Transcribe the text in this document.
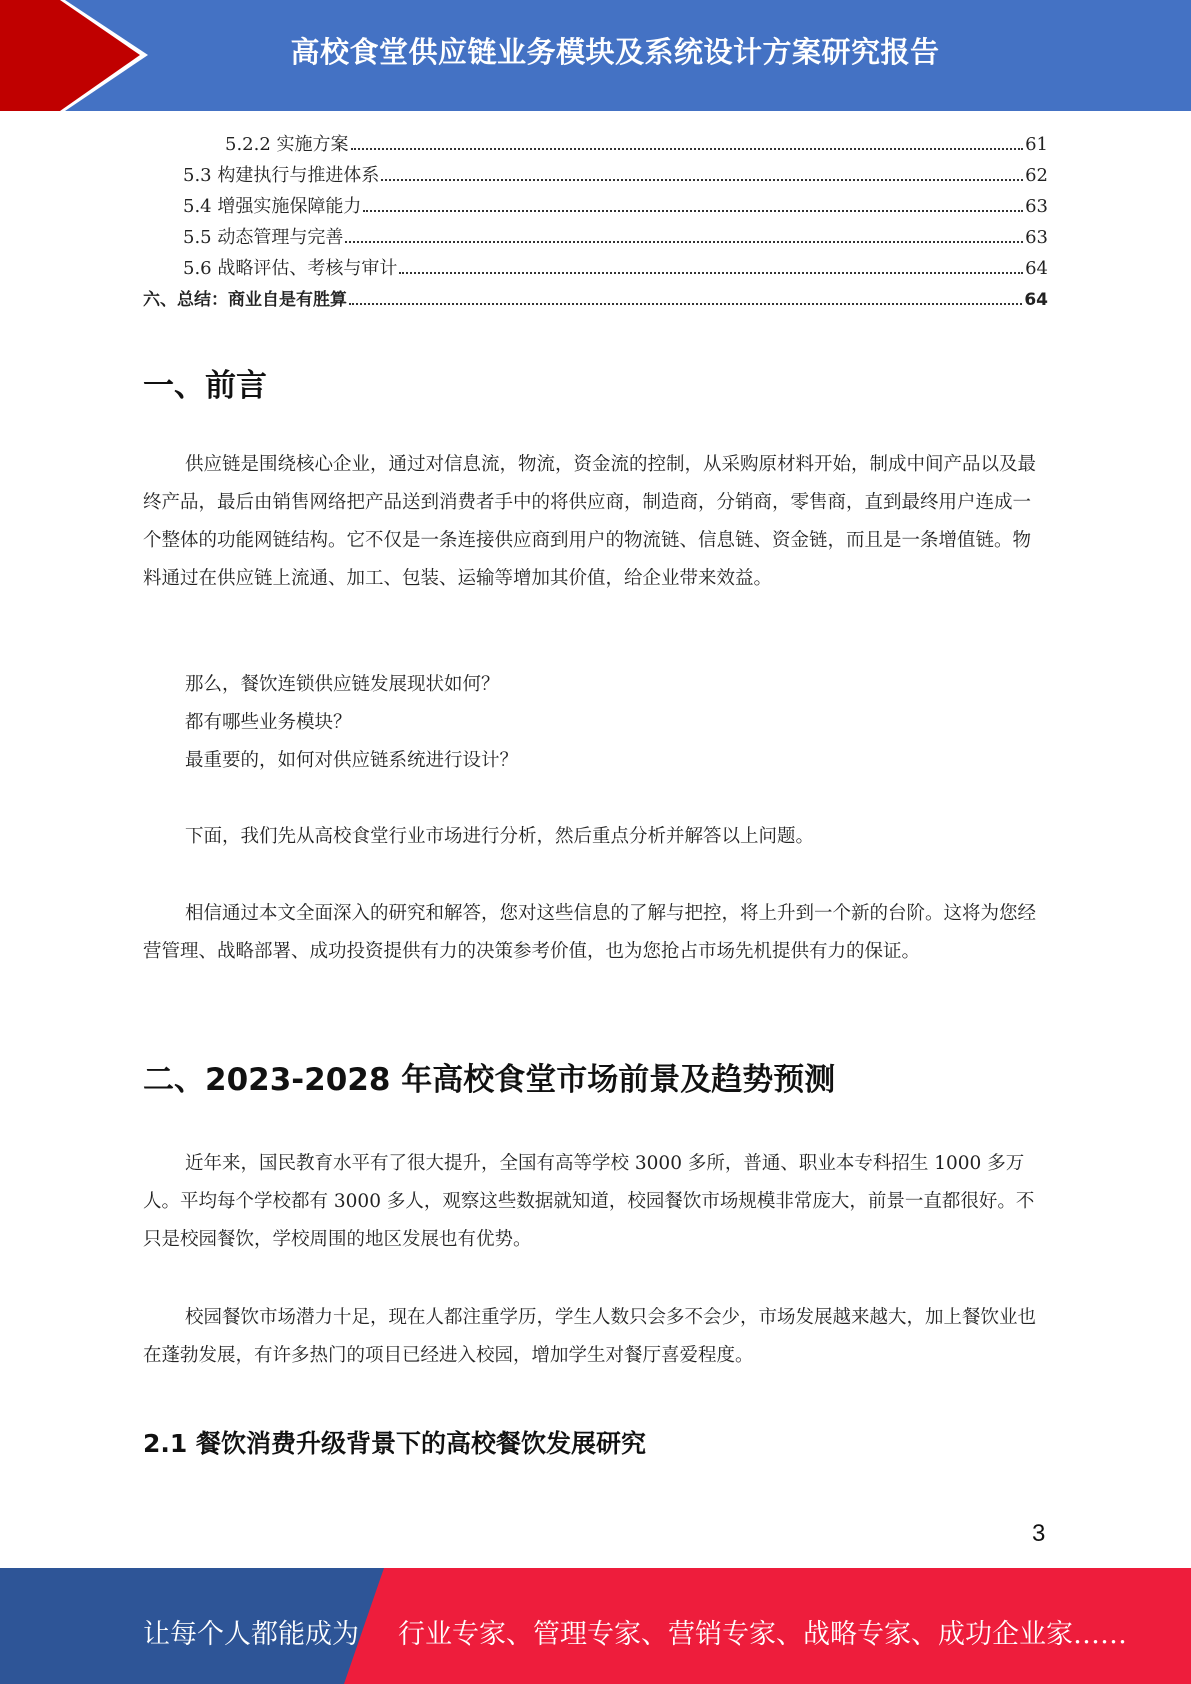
高校食堂供应链业务模块及系统设计方案研究报告
5.2.2 实施方案	61
5.3 构建执行与推进体系	62
5.4 增强实施保障能力	63
5.5 动态管理与完善	63
5.6 战略评估、考核与审计	64
六、总结：商业自是有胜算	64
一、前言

供应链是围绕核心企业，通过对信息流，物流，资金流的控制，从采购原材料开始，制成中间产品以及最终产品，最后由销售网络把产品送到消费者手中的将供应商，制造商，分销商，零售商，直到最终用户连成一个整体的功能网链结构。它不仅是一条连接供应商到用户的物流链、信息链、资金链，而且是一条增值链。物料通过在供应链上流通、加工、包装、运输等增加其价值，给企业带来效益。

那么，餐饮连锁供应链发展现状如何？

都有哪些业务模块？

最重要的，如何对供应链系统进行设计？

下面，我们先从高校食堂行业市场进行分析，然后重点分析并解答以上问题。

相信通过本文全面深入的研究和解答，您对这些信息的了解与把控，将上升到一个新的台阶。这将为您经营管理、战略部署、成功投资提供有力的决策参考价值，也为您抢占市场先机提供有力的保证。

二、2023-2028 年高校食堂市场前景及趋势预测

近年来，国民教育水平有了很大提升，全国有高等学校 3000 多所，普通、职业本专科招生 1000 多万人。平均每个学校都有 3000 多人，观察这些数据就知道，校园餐饮市场规模非常庞大，前景一直都很好。不只是校园餐饮，学校周围的地区发展也有优势。

校园餐饮市场潜力十足，现在人都注重学历，学生人数只会多不会少，市场发展越来越大，加上餐饮业也在蓬勃发展，有许多热门的项目已经进入校园，增加学生对餐厅喜爱程度。

2.1 餐饮消费升级背景下的高校餐饮发展研究
3
让每个人都能成为 行业专家、管理专家、营销专家、战略专家、成功企业家……
